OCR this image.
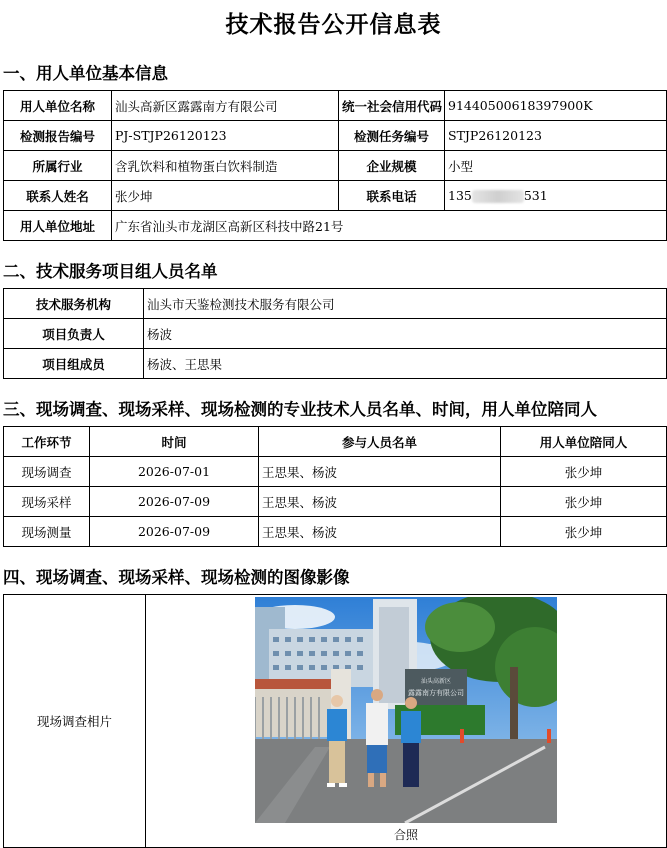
技术报告公开信息表
一、用人单位基本信息
用人单位名称	汕头高新区露露南方有限公司	统一社会信用代码	91440500618397900K
检测报告编号	PJ-STJP26120123	检测任务编号	STJP26120123
所属行业	含乳饮料和植物蛋白饮料制造	企业规模	小型
联系人姓名	张少坤	联系电话	135 531
用人单位地址	广东省汕头市龙湖区高新区科技中路21号		
二、技术服务项目组人员名单
技术服务机构	汕头市天鉴检测技术服务有限公司
项目负责人	杨波
项目组成员	杨波、王思果
三、现场调查、现场采样、现场检测的专业技术人员名单、时间，用人单位陪同人
工作环节	时间	参与人员名单	用人单位陪同人
现场调查	2026-07-01	王思果、杨波	张少坤
现场采样	2026-07-09	王思果、杨波	张少坤
现场测量	2026-07-09	王思果、杨波	张少坤
四、现场调查、现场采样、现场检测的图像影像
现场调查相片	
汕头高新区
露露南方有限公司
合照
